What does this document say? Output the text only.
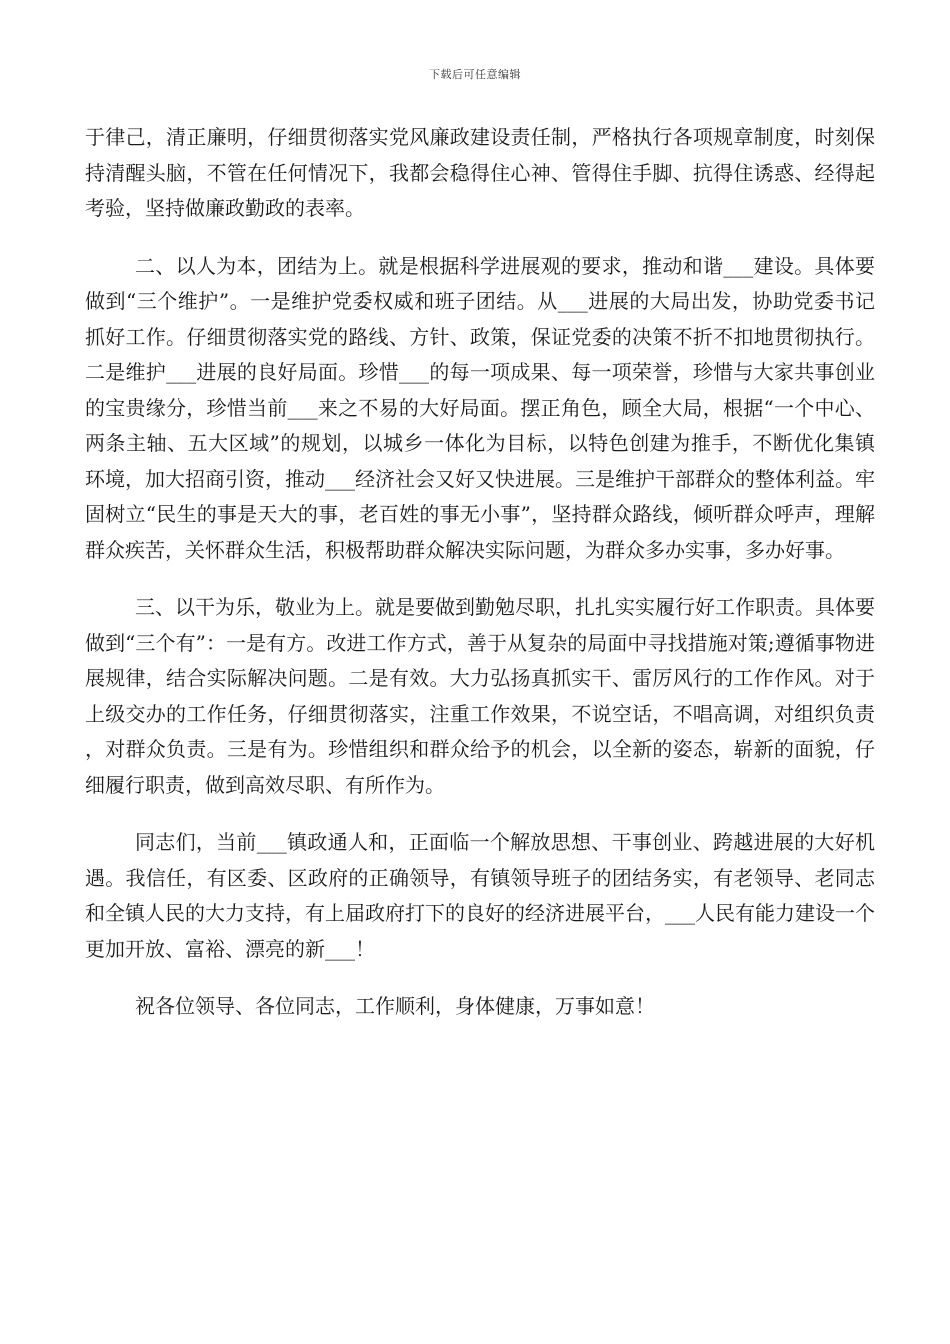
下载后可任意编辑

于律己，清正廉明，仔细贯彻落实党风廉政建设责任制，严格执行各项规章制度，时刻保持清醒头脑，不管在任何情况下，我都会稳得住心神、管得住手脚、抗得住诱惑、经得起考验，坚持做廉政勤政的表率。

二、以人为本，团结为上。就是根据科学进展观的要求，推动和谐___建设。具体要做到“三个维护”。一是维护党委权威和班子团结。从___进展的大局出发，协助党委书记抓好工作。仔细贯彻落实党的路线、方针、政策，保证党委的决策不折不扣地贯彻执行。二是维护___进展的良好局面。珍惜___的每一项成果、每一项荣誉，珍惜与大家共事创业的宝贵缘分，珍惜当前___来之不易的大好局面。摆正角色，顾全大局，根据“一个中心、两条主轴、五大区域”的规划，以城乡一体化为目标，以特色创建为推手，不断优化集镇环境，加大招商引资，推动___经济社会又好又快进展。三是维护干部群众的整体利益。牢固树立“民生的事是天大的事，老百姓的事无小事”，坚持群众路线，倾听群众呼声，理解群众疾苦，关怀群众生活，积极帮助群众解决实际问题，为群众多办实事，多办好事。

三、以干为乐，敬业为上。就是要做到勤勉尽职，扎扎实实履行好工作职责。具体要做到“三个有”：一是有方。改进工作方式，善于从复杂的局面中寻找措施对策;遵循事物进展规律，结合实际解决问题。二是有效。大力弘扬真抓实干、雷厉风行的工作作风。对于上级交办的工作任务，仔细贯彻落实，注重工作效果，不说空话，不唱高调，对组织负责，对群众负责。三是有为。珍惜组织和群众给予的机会，以全新的姿态，崭新的面貌，仔细履行职责，做到高效尽职、有所作为。

同志们，当前___镇政通人和，正面临一个解放思想、干事创业、跨越进展的大好机遇。我信任，有区委、区政府的正确领导，有镇领导班子的团结务实，有老领导、老同志和全镇人民的大力支持，有上届政府打下的良好的经济进展平台，___人民有能力建设一个更加开放、富裕、漂亮的新___！

祝各位领导、各位同志，工作顺利，身体健康，万事如意！
